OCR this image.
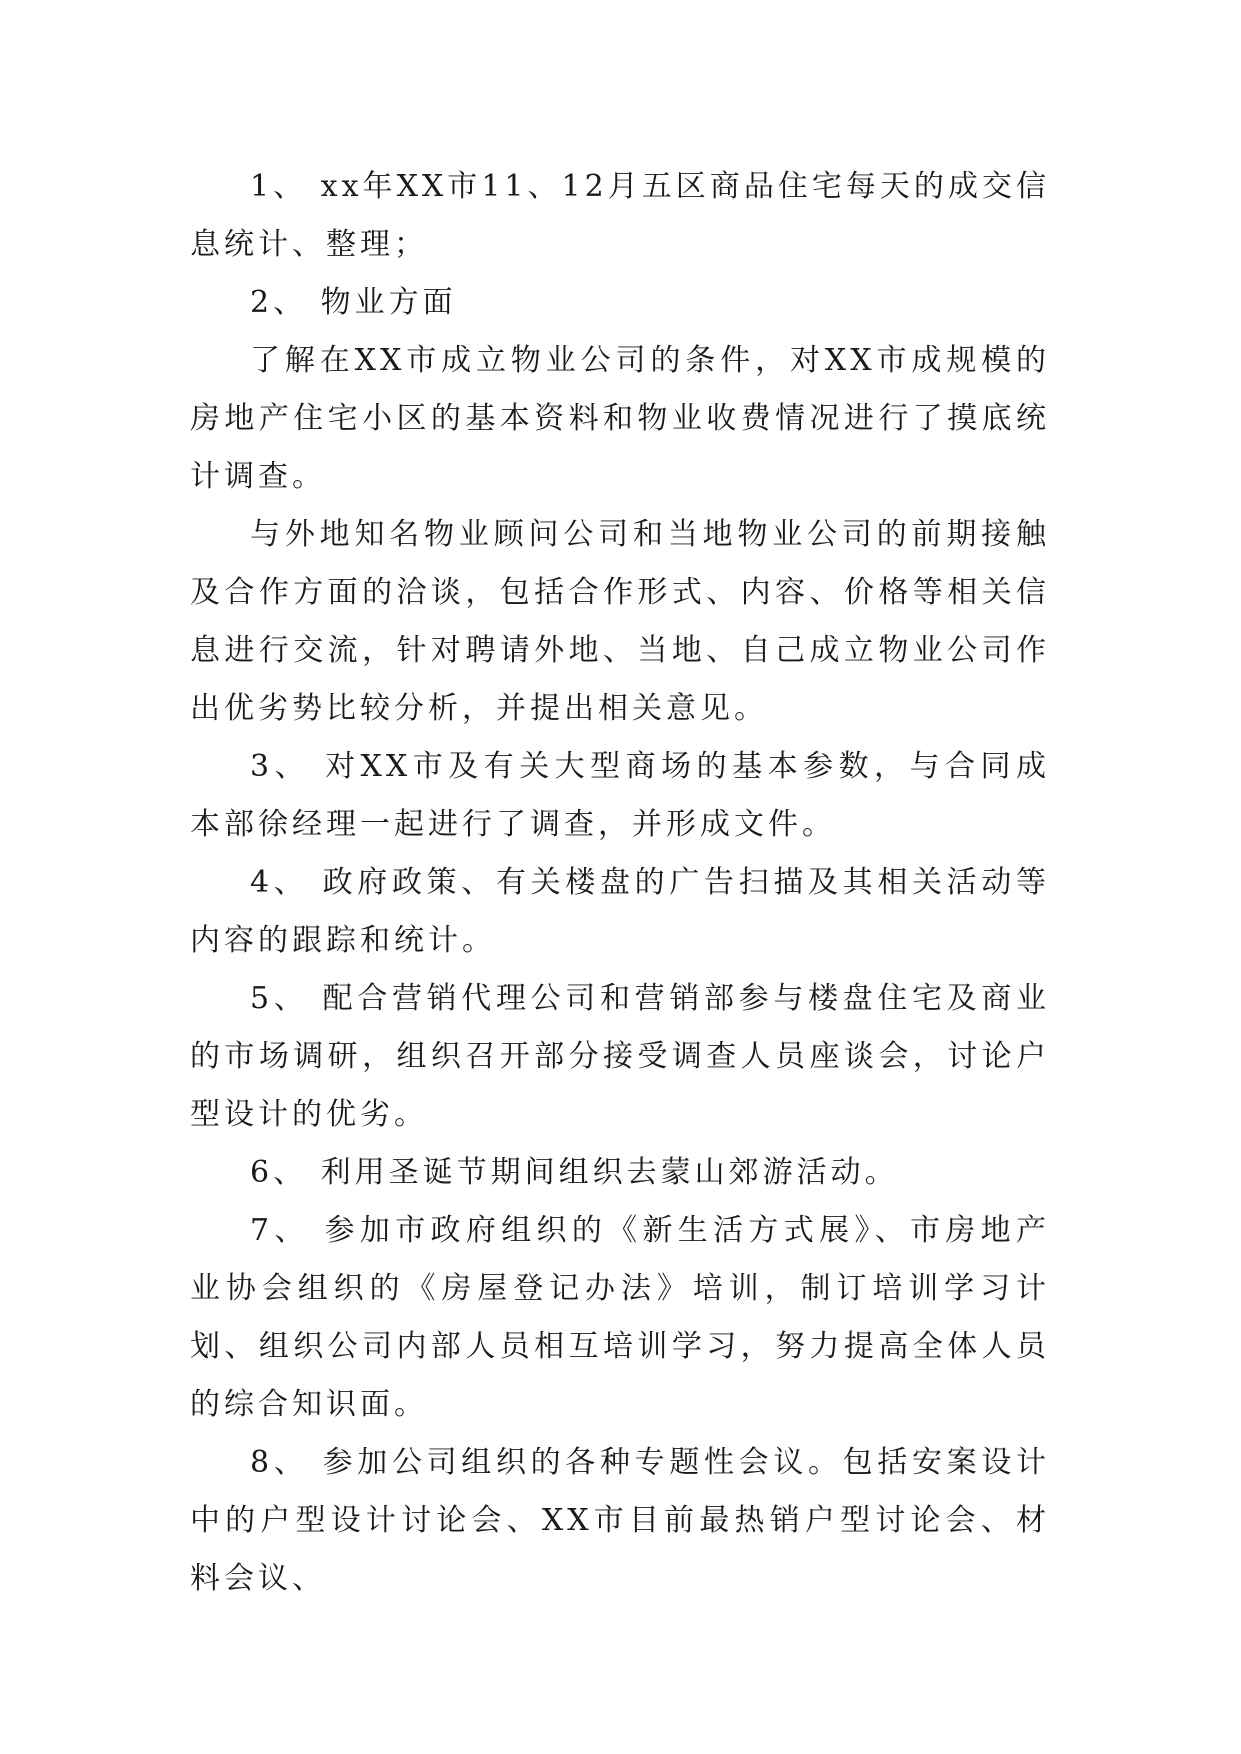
1、 xx年XX市11、12月五区商品住宅每天的成交信息统计、整理；

2、 物业方面

了解在XX市成立物业公司的条件，对XX市成规模的房地产住宅小区的基本资料和物业收费情况进行了摸底统计调查。

与外地知名物业顾问公司和当地物业公司的前期接触及合作方面的洽谈，包括合作形式、内容、价格等相关信息进行交流，针对聘请外地、当地、自己成立物业公司作出优劣势比较分析，并提出相关意见。

3、 对XX市及有关大型商场的基本参数，与合同成本部徐经理一起进行了调查，并形成文件。

4、 政府政策、有关楼盘的广告扫描及其相关活动等内容的跟踪和统计。

5、 配合营销代理公司和营销部参与楼盘住宅及商业的市场调研，组织召开部分接受调查人员座谈会，讨论户型设计的优劣。

6、 利用圣诞节期间组织去蒙山郊游活动。

7、 参加市政府组织的《新生活方式展》、市房地产业协会组织的《房屋登记办法》培训，制订培训学习计划、组织公司内部人员相互培训学习，努力提高全体人员的综合知识面。

8、 参加公司组织的各种专题性会议。包括安案设计中的户型设计讨论会、XX市目前最热销户型讨论会、材料会议、
